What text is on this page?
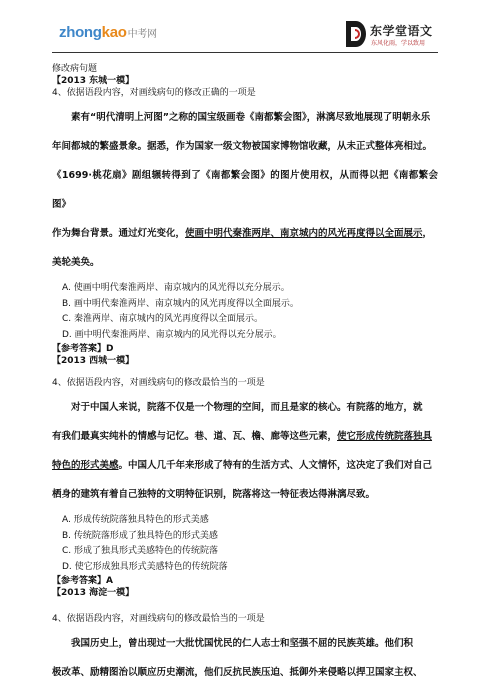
zhongkao中考网	东学堂语文
东风化雨，学以致用
修改病句题
【2013 东城一模】
4、依据语段内容，对画线病句的修改正确的一项是
素有“明代清明上河图”之称的国宝级画卷《南都繁会图》，淋漓尽致地展现了明朝永乐
年间都城的繁盛景象。据悉，作为国家一级文物被国家博物馆收藏，从未正式整体亮相过。
《1699·桃花扇》剧组辗转得到了《南都繁会图》的图片使用权，从而得以把《南都繁会图》
作为舞台背景。通过灯光变化，使画中明代秦淮两岸、南京城内的风光再度得以全面展示，
美轮美奂。
A. 使画中明代秦淮两岸、南京城内的风光得以充分展示。
B. 画中明代秦淮两岸、南京城内的风光再度得以全面展示。
C. 秦淮两岸、南京城内的风光再度得以全面展示。
D. 画中明代秦淮两岸、南京城内的风光得以充分展示。
【参考答案】D
【2013 西城一模】
4、依据语段内容，对画线病句的修改最恰当的一项是
对于中国人来说，院落不仅是一个物理的空间，而且是家的核心。有院落的地方，就
有我们最真实纯朴的情感与记忆。巷、道、瓦、檐、廊等这些元素，使它形成传统院落独具
特色的形式美感。中国人几千年来形成了特有的生活方式、人文情怀，这决定了我们对自己
栖身的建筑有着自己独特的文明特征识别，院落将这一特征表达得淋漓尽致。
A. 形成传统院落独具特色的形式美感
B. 传统院落形成了独具特色的形式美感
C. 形成了独具形式美感特色的传统院落
D. 使它形成独具形式美感特色的传统院落
【参考答案】A
【2013 海淀一模】
4、依据语段内容，对画线病句的修改最恰当的一项是
我国历史上，曾出现过一大批忧国忧民的仁人志士和坚强不屈的民族英雄。他们积
极改革、励精图治以顺应历史潮流，他们反抗民族压迫、抵御外来侵略以捍卫国家主权、
